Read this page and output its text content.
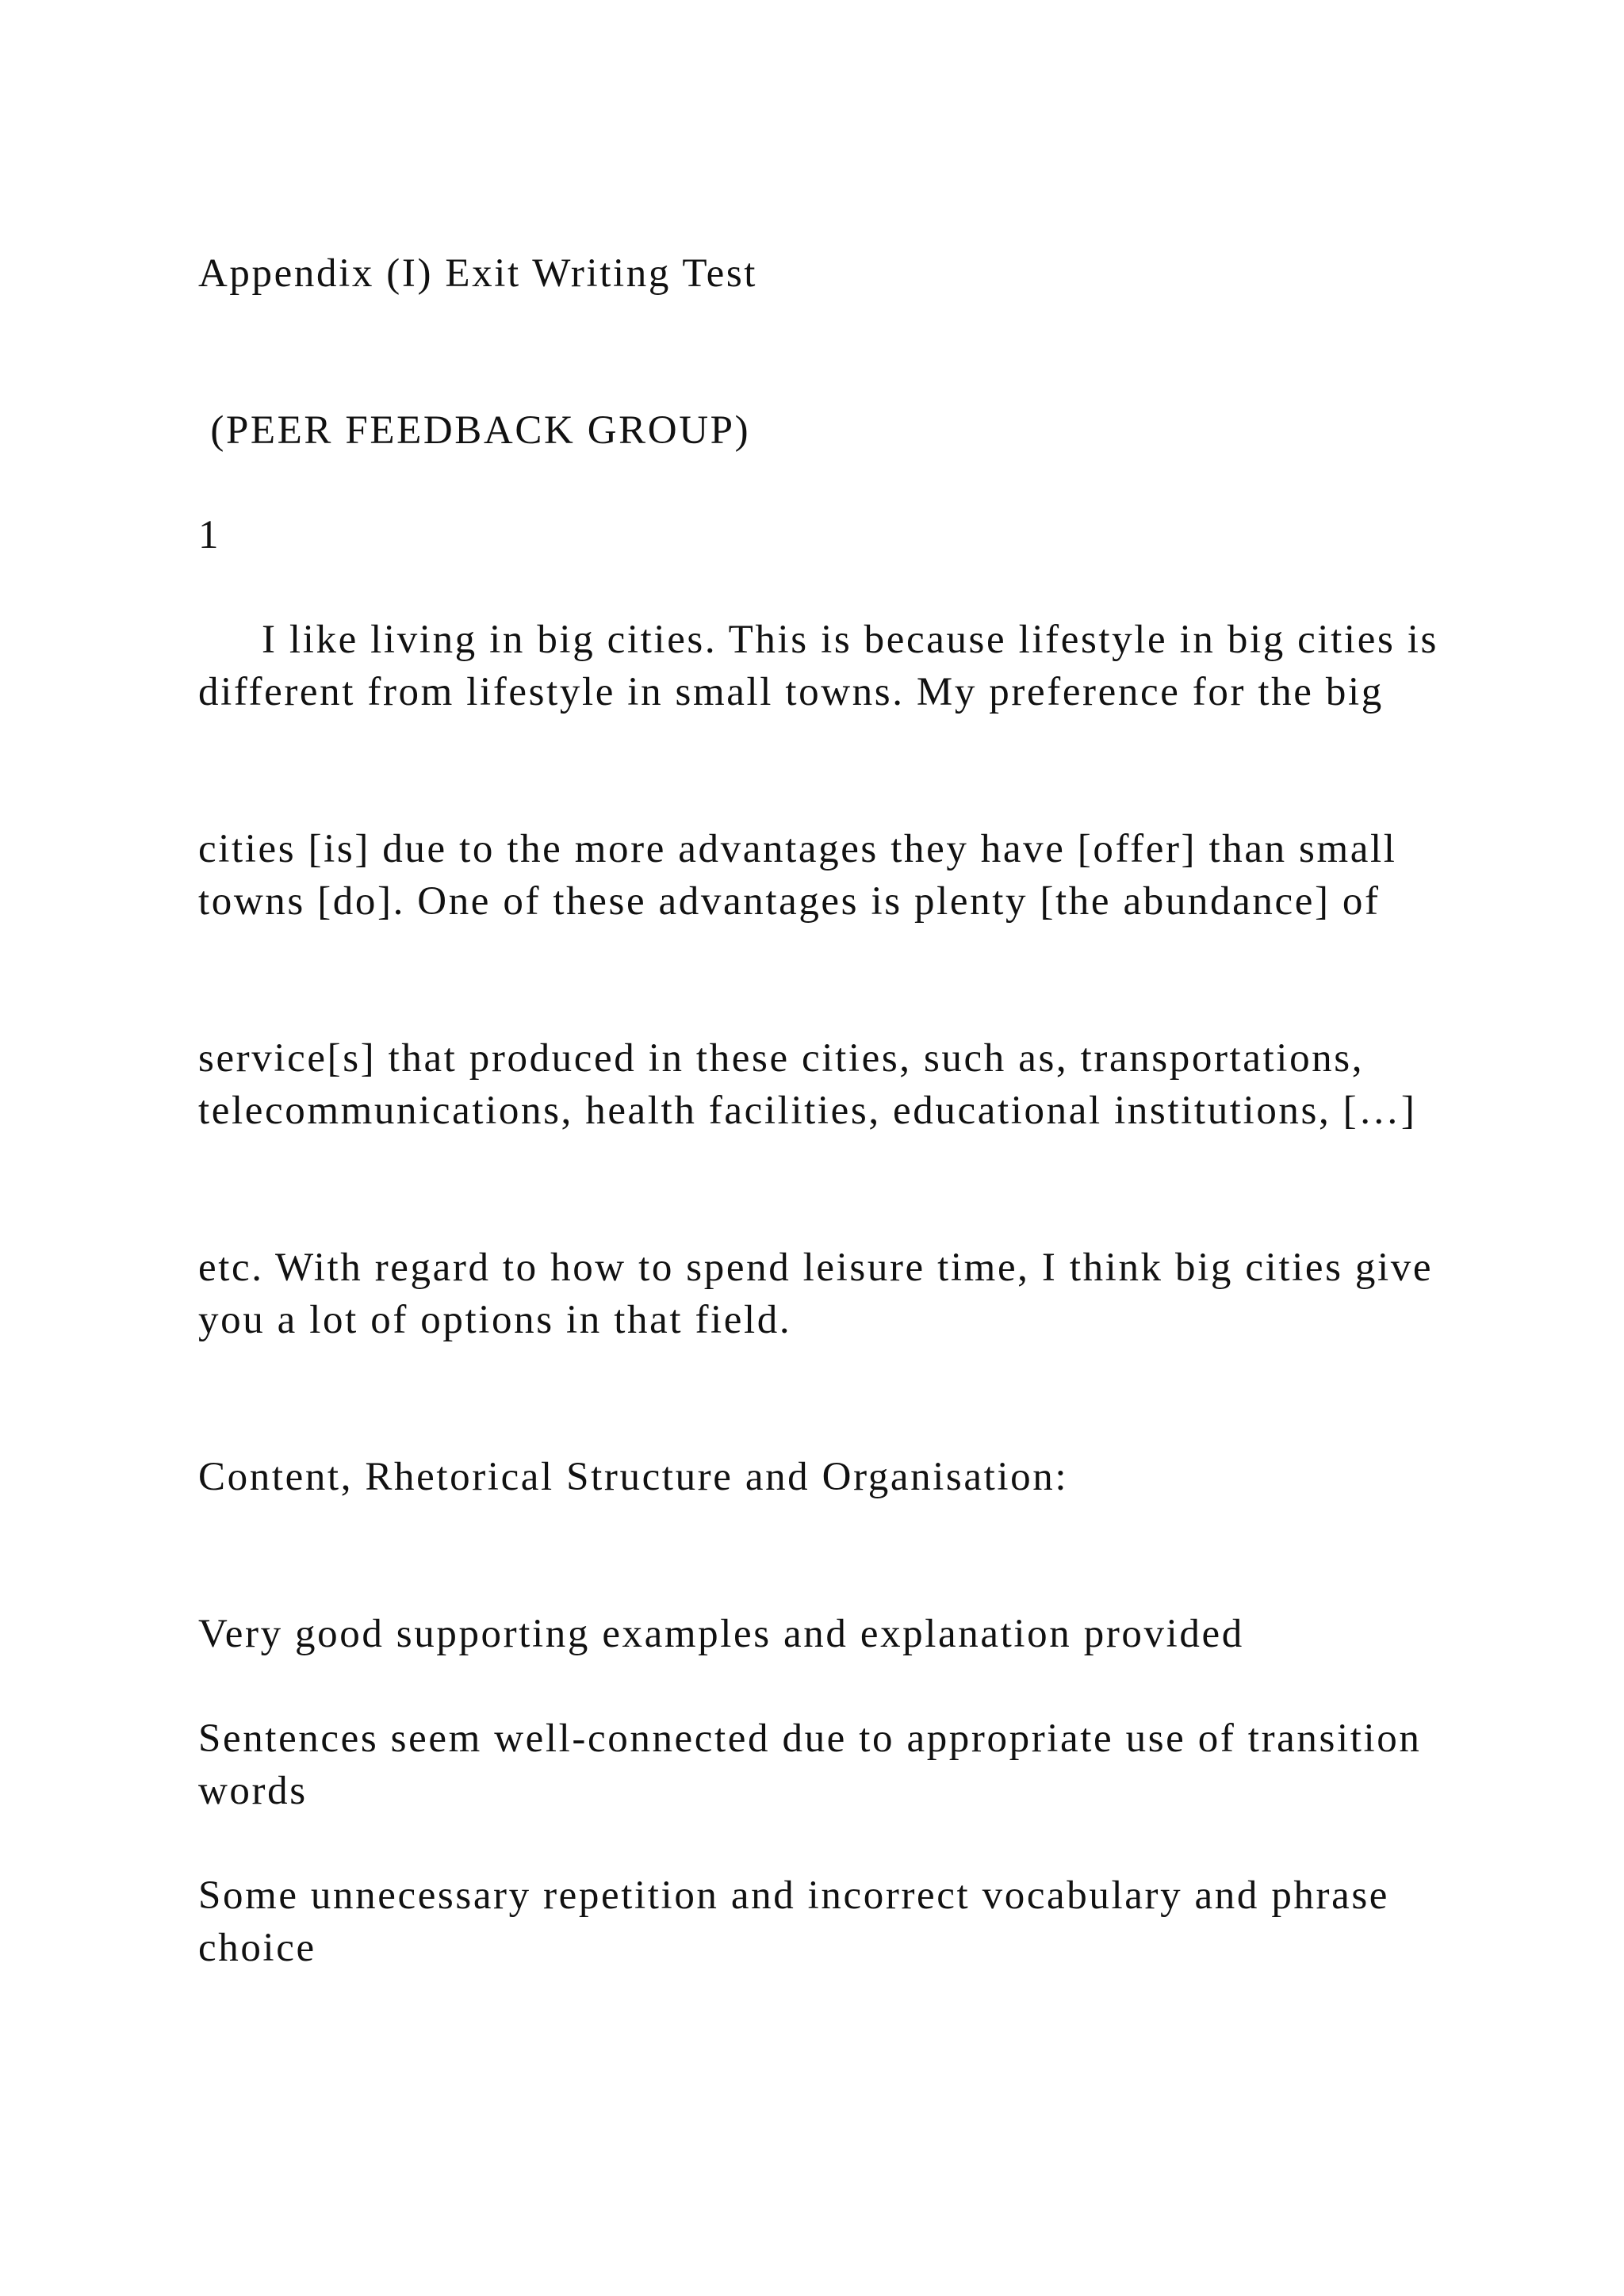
Appendix (I) Exit Writing Test

(PEER FEEDBACK GROUP)

1

I like living in big cities. This is because lifestyle in big cities is different from lifestyle in small towns. My preference for the big

cities [is] due to the more advantages they have [offer] than small towns [do]. One of these advantages is plenty [the abundance] of

service[s] that produced in these cities, such as, transportations, telecommunications, health facilities, educational institutions, […]

etc. With regard to how to spend leisure time, I think big cities give you a lot of options in that field.

Content, Rhetorical Structure and Organisation:

Very good supporting examples and explanation provided

Sentences seem well-connected due to appropriate use of transition words

Some unnecessary repetition and incorrect vocabulary and phrase choice
